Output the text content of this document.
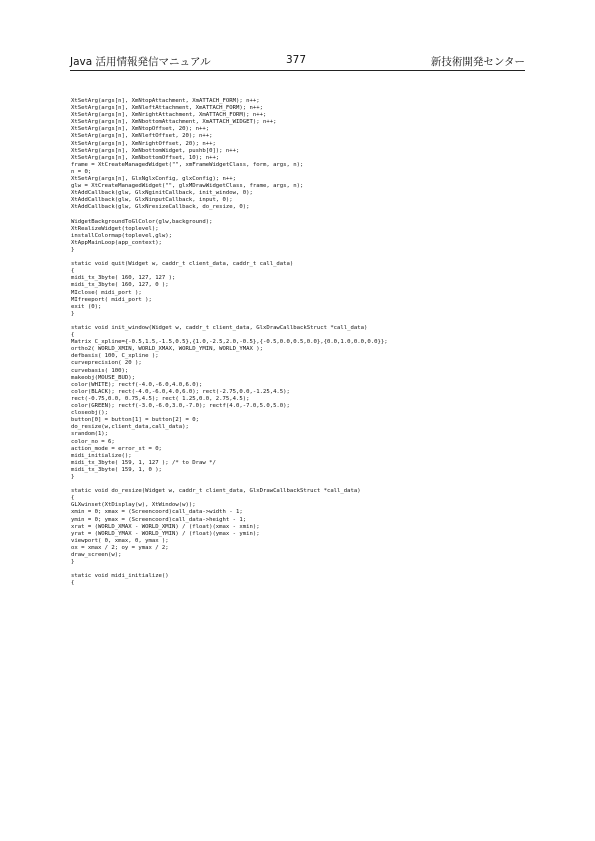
Java 活用情報発信マニュアル	377	新技術開発センター
XtSetArg(args[n], XmNtopAttachment, XmATTACH_FORM); n++;
XtSetArg(args[n], XmNleftAttachment, XmATTACH_FORM); n++;
XtSetArg(args[n], XmNrightAttachment, XmATTACH_FORM); n++;
XtSetArg(args[n], XmNbottomAttachment, XmATTACH_WIDGET); n++;
XtSetArg(args[n], XmNtopOffset, 20); n++;
XtSetArg(args[n], XmNleftOffset, 20); n++;
XtSetArg(args[n], XmNrightOffset, 20); n++;
XtSetArg(args[n], XmNbottomWidget, pushb[0]); n++;
XtSetArg(args[n], XmNbottomOffset, 10); n++;
frame = XtCreateManagedWidget("", xmFrameWidgetClass, form, args, n);
n = 0;
XtSetArg(args[n], GlxNglxConfig, glxConfig); n++;
glw = XtCreateManagedWidget("", glxMDrawWidgetClass, frame, args, n);
XtAddCallback(glw, GlxNginitCallback, init_window, 0);
XtAddCallback(glw, GlxNinputCallback, input, 0);
XtAddCallback(glw, GlxNresizeCallback, do_resize, 0);
WidgetBackgroundToGlColor(glw,background);
XtRealizeWidget(toplevel);
installColormap(toplevel,glw);
XtAppMainLoop(app_context);
}
static void quit(Widget w, caddr_t client_data, caddr_t call_data)
{
midi_tx_3byte( 160, 127, 127 );
midi_tx_3byte( 160, 127, 0 );
MIclose( midi_port );
MIfreeport( midi_port );
exit (0);
}
static void init_window(Widget w, caddr_t client_data, GlxDrawCallbackStruct *call_data)
{
Matrix C_xpline={-0.5,1.5,-1.5,0.5},{1.0,-2.5,2.0,-0.5},{-0.5,0.0,0.5,0.0},{0.0,1.0,0.0,0.0}};
ortho2( WORLD_XMIN, WORLD_XMAX, WORLD_YMIN, WORLD_YMAX );
defbasis( 100, C_xpline );
curveprecision( 20 );
curvebasis( 100);
makeobj(MOUSE_BUD);
color(WHITE); rectf(-4.0,-6.0,4.0,6.0);
color(BLACK); rect(-4.0,-6.0,4.0,6.0); rect(-2.75,0.0,-1.25,4.5);
rect(-0.75,0.0, 0.75,4.5); rect( 1.25,0.0, 2.75,4.5);
color(GREEN); rectf(-3.0,-6.0,3.0,-7.0); rectf(4.0,-7.0,5.0,5.0);
closeobj();
button[0] = button[1] = button[2] = 0;
do_resize(w,client_data,call_data);
srandom(1);
color_no = 6;
action_mode = error_st = 0;
midi_initialize();
midi_tx_3byte( 159, 1, 127 ); /* to Draw */
midi_tx_3byte( 159, 1, 0 );
}
static void do_resize(Widget w, caddr_t client_data, GlxDrawCallbackStruct *call_data)
{
GLXwinset(XtDisplay(w), XtWindow(w));
xmin = 0; xmax = (Screencoord)call_data->width - 1;
ymin = 0; ymax = (Screencoord)call_data->height - 1;
xrat = (WORLD_XMAX - WORLD_XMIN) / (float)(xmax - xmin);
yrat = (WORLD_YMAX - WORLD_YMIN) / (float)(ymax - ymin);
viewport( 0, xmax, 0, ymax );
ox = xmax / 2; oy = ymax / 2;
draw_screen(w);
}
static void midi_initialize()
{
